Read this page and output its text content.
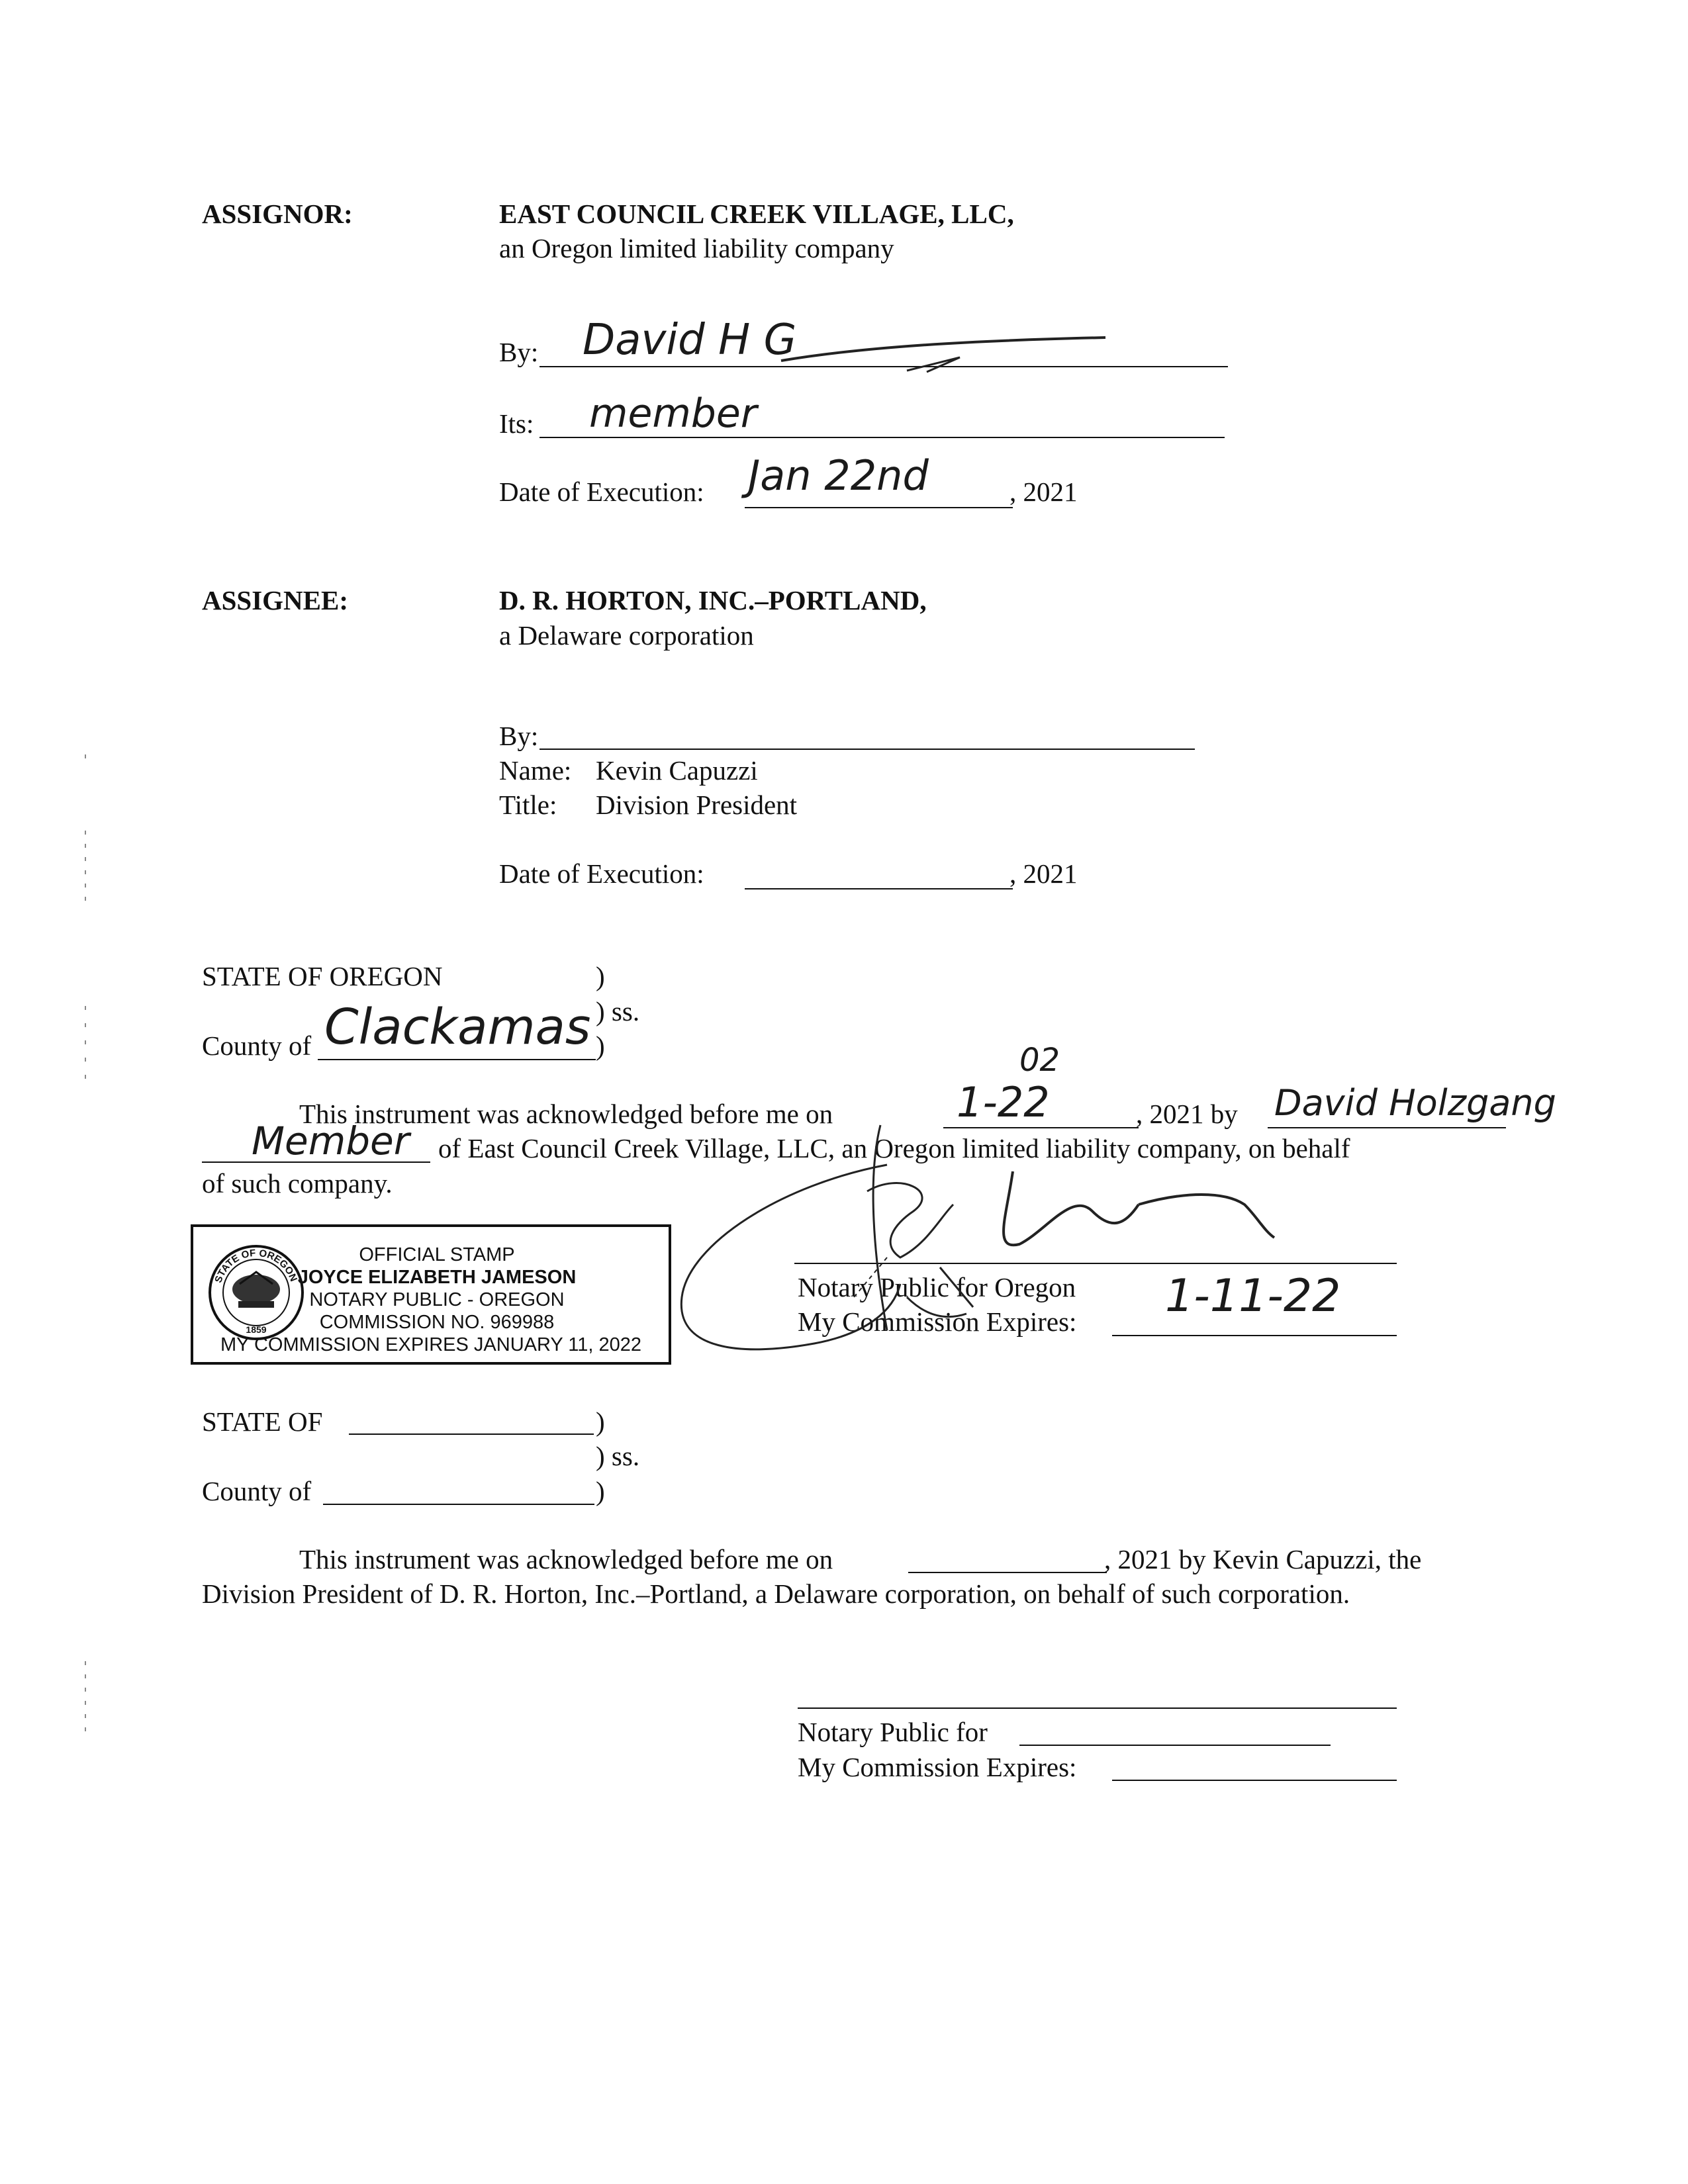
ASSIGNOR:	EAST COUNCIL CREEK VILLAGE, LLC,
an Oregon limited liability company
By: David H G
Its: member
Date of Execution: Jan 22nd	, 2021
ASSIGNEE:	D. R. HORTON, INC.–PORTLAND,
a Delaware corporation
By:
Name: Kevin Capuzzi
Title: Division President
Date of Execution:	, 2021
STATE OF OREGON	)
) ss.
County of Clackamas )	02
This instrument was acknowledged before me on	1-22	, 2021 by David Holzgang
Member of East Council Creek Village, LLC, an Oregon limited liability company, on behalf
of such company.
STATE OF OREGON
1859
OFFICIAL STAMP
JOYCE ELIZABETH JAMESON
NOTARY PUBLIC - OREGON
COMMISSION NO. 969988
MY COMMISSION EXPIRES JANUARY 11, 2022
Notary Public for Oregon
My Commission Expires: 1-11-22
STATE OF	)
) ss.
County of	)
This instrument was acknowledged before me on	, 2021 by Kevin Capuzzi, the
Division President of D. R. Horton, Inc.–Portland, a Delaware corporation, on behalf of such corporation.
Notary Public for
My Commission Expires:
